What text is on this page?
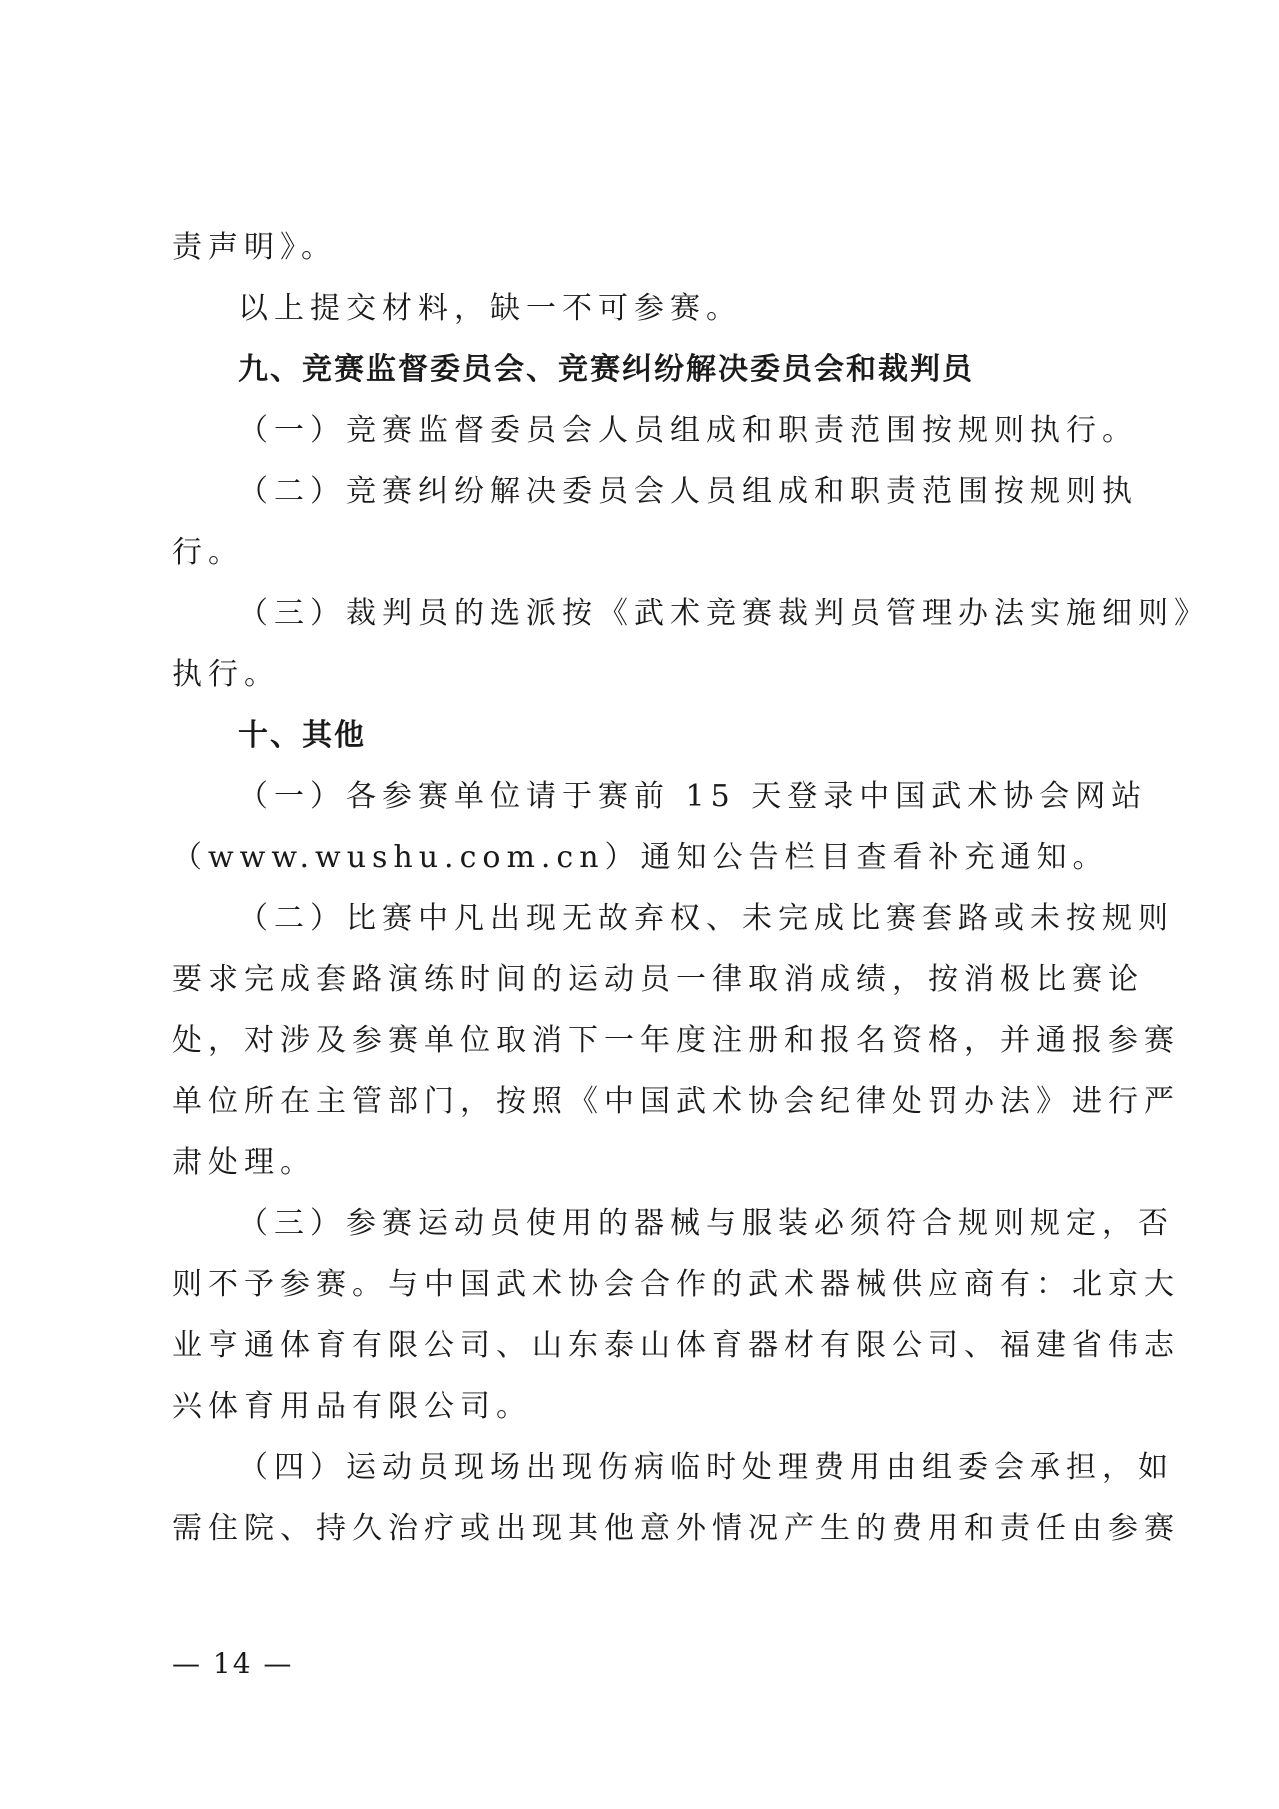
责声明》。
以上提交材料，缺一不可参赛。
九、竞赛监督委员会、竞赛纠纷解决委员会和裁判员
（一）竞赛监督委员会人员组成和职责范围按规则执行。
（二）竞赛纠纷解决委员会人员组成和职责范围按规则执
行。
（三）裁判员的选派按《武术竞赛裁判员管理办法实施细则》
执行。
十、其他
（一）各参赛单位请于赛前 15 天登录中国武术协会网站
（www.wushu.com.cn）通知公告栏目查看补充通知。
（二）比赛中凡出现无故弃权、未完成比赛套路或未按规则
要求完成套路演练时间的运动员一律取消成绩，按消极比赛论
处，对涉及参赛单位取消下一年度注册和报名资格，并通报参赛
单位所在主管部门，按照《中国武术协会纪律处罚办法》进行严
肃处理。
（三）参赛运动员使用的器械与服装必须符合规则规定，否
则不予参赛。与中国武术协会合作的武术器械供应商有：北京大
业亨通体育有限公司、山东泰山体育器材有限公司、福建省伟志
兴体育用品有限公司。
（四）运动员现场出现伤病临时处理费用由组委会承担，如
需住院、持久治疗或出现其他意外情况产生的费用和责任由参赛
— 14 —
